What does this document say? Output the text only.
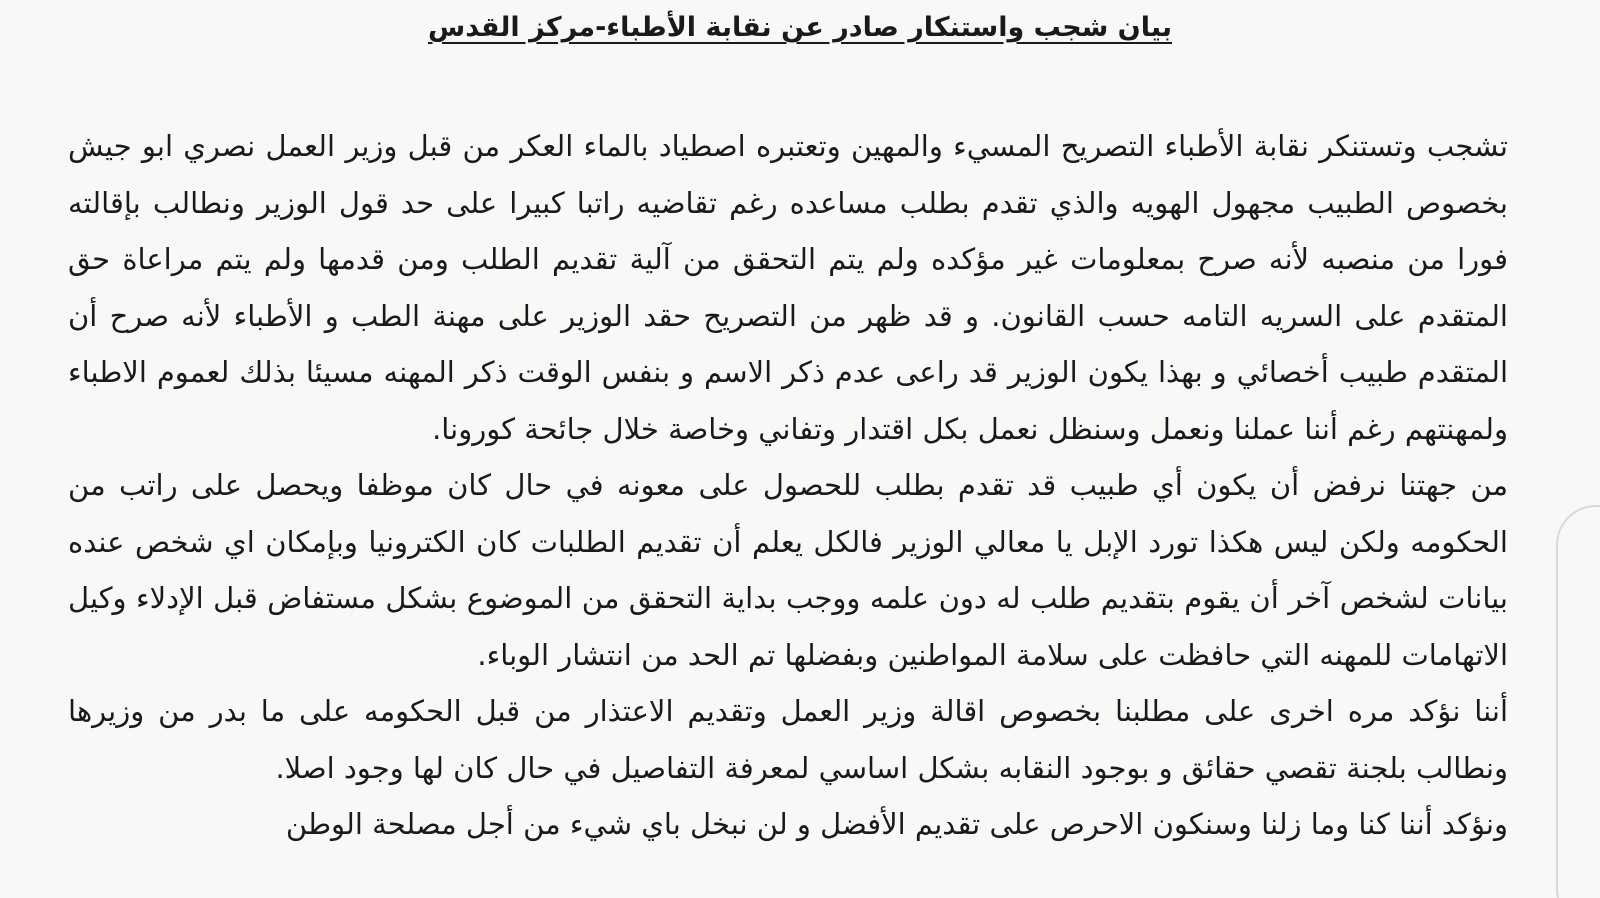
بيان شجب واستنكار صادر عن نقابة الأطباء-مركز القدس

تشجب وتستنكر نقابة الأطباء التصريح المسيء والمهين وتعتبره اصطياد بالماء العكر من قبل وزير العمل نصري ابو جيش بخصوص الطبيب مجهول الهويه والذي تقدم بطلب مساعده رغم تقاضيه راتبا كبيرا على حد قول الوزير ونطالب بإقالته فورا من منصبه لأنه صرح بمعلومات غير مؤكده ولم يتم التحقق من آلية تقديم الطلب ومن قدمها ولم يتم مراعاة حق المتقدم على السريه التامه حسب القانون. و قد ظهر من التصريح حقد الوزير على مهنة الطب و الأطباء لأنه صرح أن المتقدم طبيب أخصائي و بهذا يكون الوزير قد راعى عدم ذكر الاسم و بنفس الوقت ذكر المهنه مسيئا بذلك لعموم الاطباء ولمهنتهم رغم أننا عملنا ونعمل وسنظل نعمل بكل اقتدار وتفاني وخاصة خلال جائحة كورونا.

من جهتنا نرفض أن يكون أي طبيب قد تقدم بطلب للحصول على معونه في حال كان موظفا ويحصل على راتب من الحكومه ولكن ليس هكذا تورد الإبل يا معالي الوزير فالكل يعلم أن تقديم الطلبات كان الكترونيا وبإمكان اي شخص عنده بيانات لشخص آخر أن يقوم بتقديم طلب له دون علمه ووجب بداية التحقق من الموضوع بشكل مستفاض قبل الإدلاء وكيل الاتهامات للمهنه التي حافظت على سلامة المواطنين وبفضلها تم الحد من انتشار الوباء.

أننا نؤكد مره اخرى على مطلبنا بخصوص اقالة وزير العمل وتقديم الاعتذار من قبل الحكومه على ما بدر من وزيرها ونطالب بلجنة تقصي حقائق و بوجود النقابه بشكل اساسي لمعرفة التفاصيل في حال كان لها وجود اصلا.

ونؤكد أننا كنا وما زلنا وسنكون الاحرص على تقديم الأفضل و لن نبخل باي شيء من أجل مصلحة الوطن
